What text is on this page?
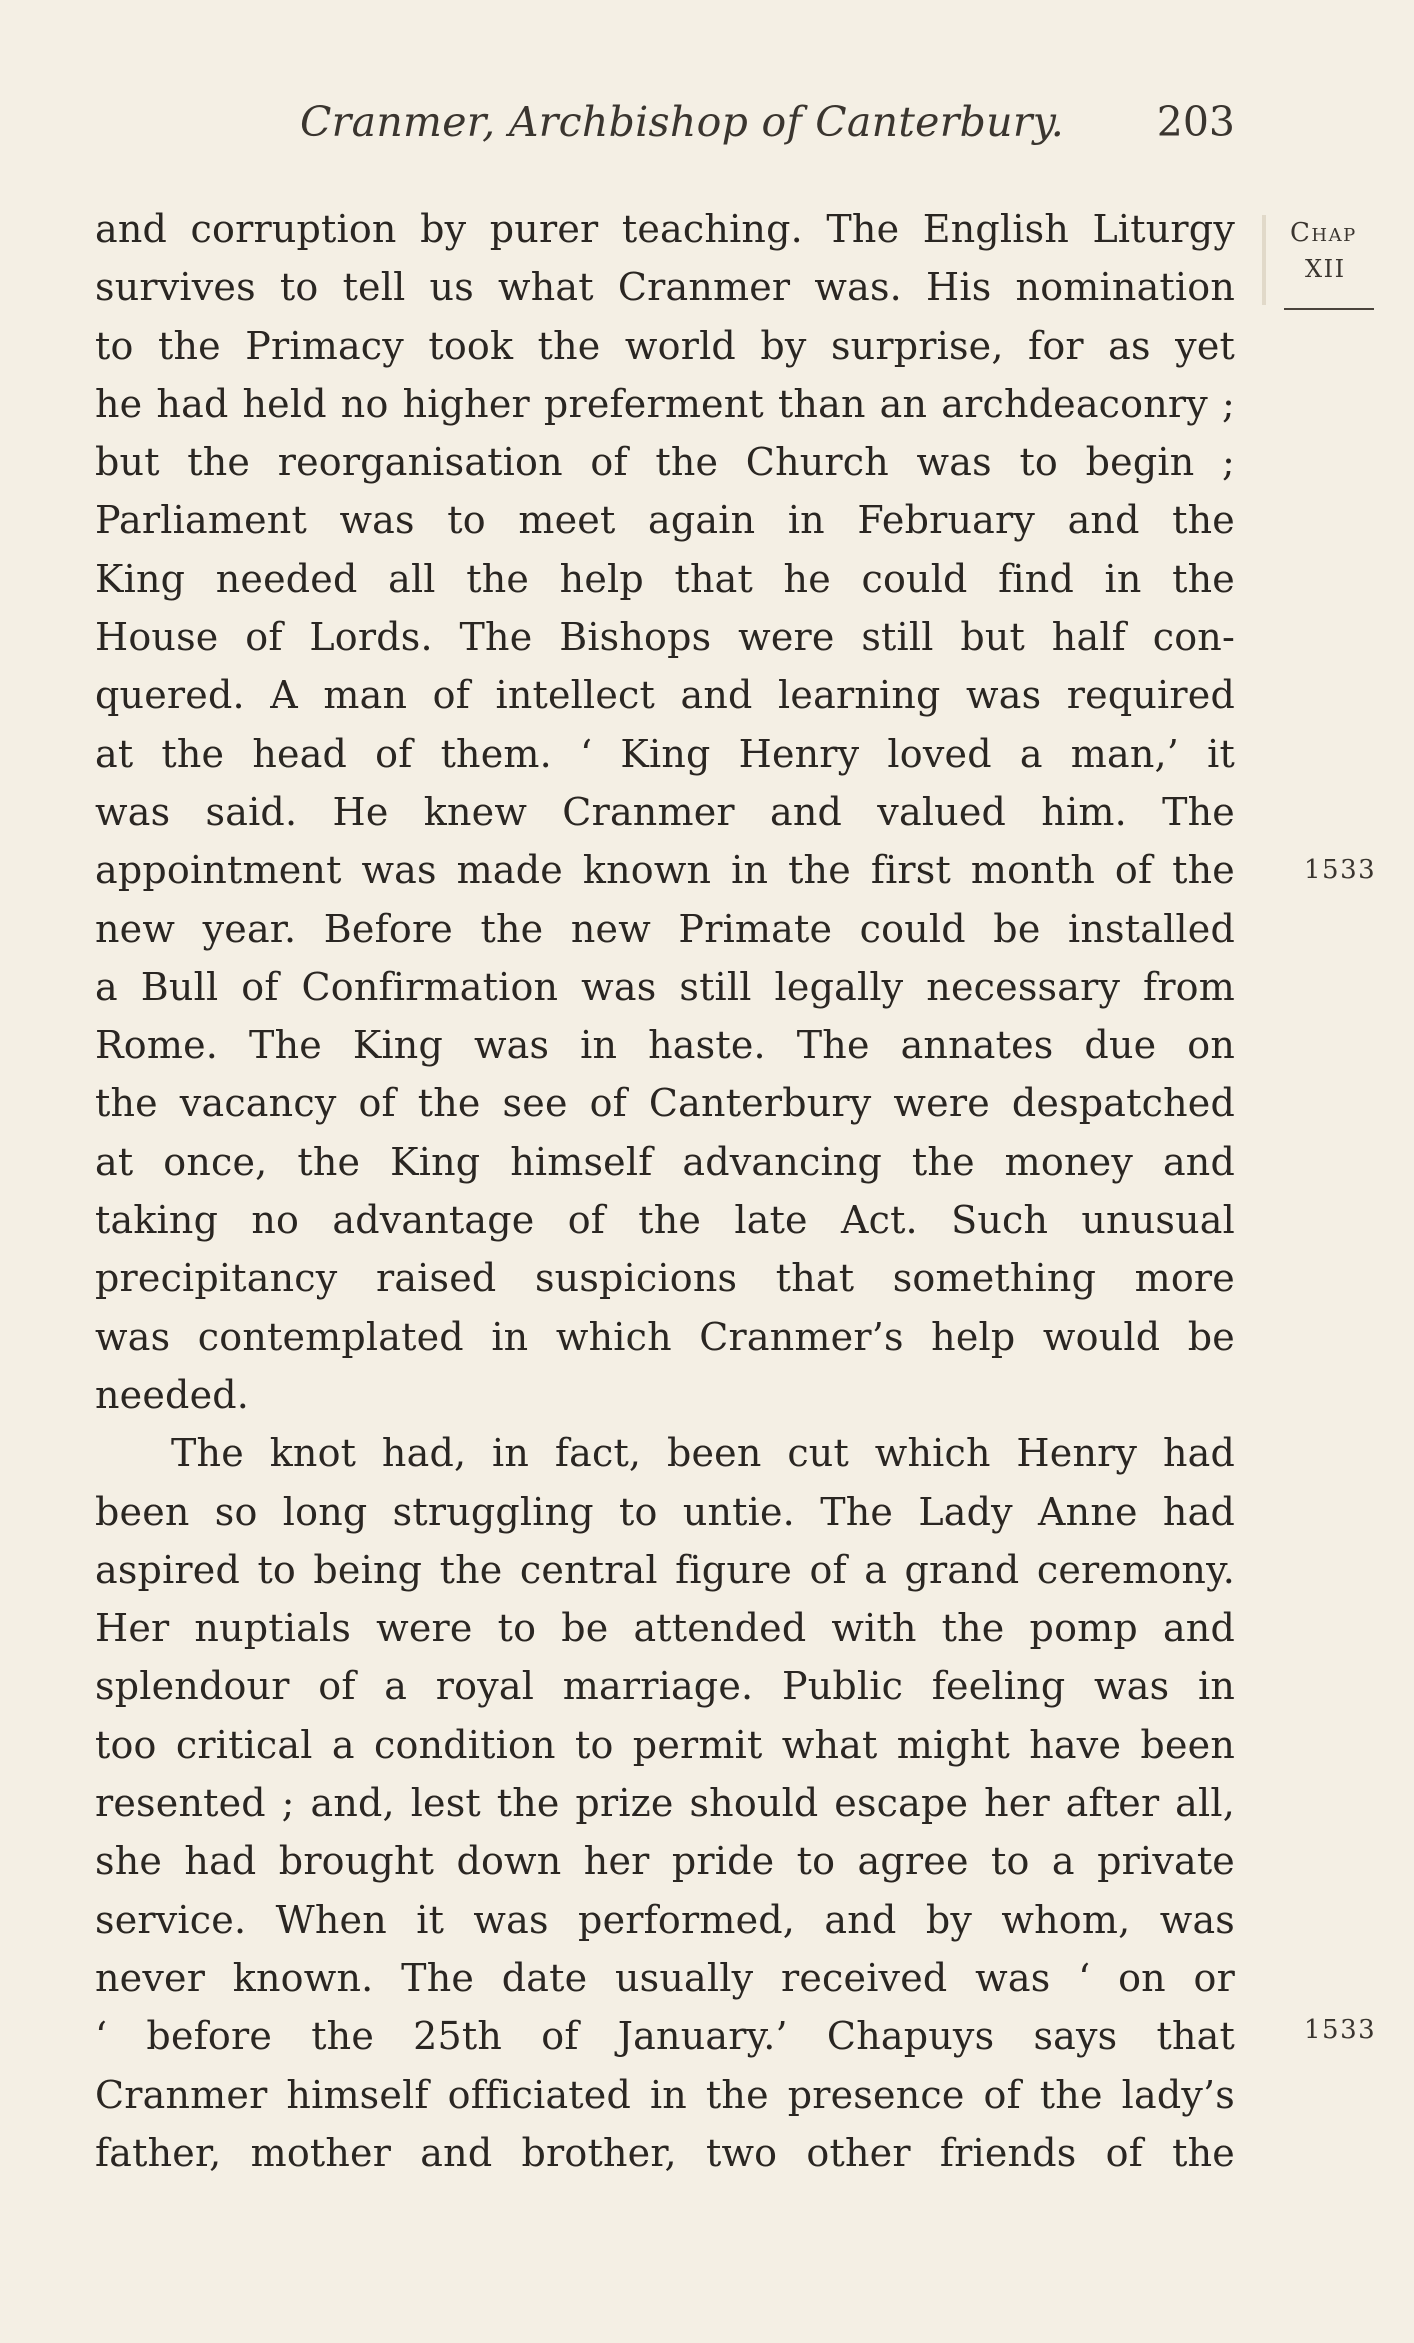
Cranmer, Archbishop of Canterbury. 203
Chap
XII
1533
1533
and corruption by purer teaching. The English Liturgy
survives to tell us what Cranmer was. His nomination
to the Primacy took the world by surprise, for as yet
he had held no higher preferment than an archdeaconry ;
but the reorganisation of the Church was to begin ;
Parliament was to meet again in February and the
King needed all the help that he could find in the
House of Lords. The Bishops were still but half con-
quered. A man of intellect and learning was required
at the head of them. ‘ King Henry loved a man,’ it
was said. He knew Cranmer and valued him. The
appointment was made known in the first month of the
new year. Before the new Primate could be installed
a Bull of Confirmation was still legally necessary from
Rome. The King was in haste. The annates due on
the vacancy of the see of Canterbury were despatched
at once, the King himself advancing the money and
taking no advantage of the late Act. Such unusual
precipitancy raised suspicions that something more
was contemplated in which Cranmer’s help would be
needed.
The knot had, in fact, been cut which Henry had
been so long struggling to untie. The Lady Anne had
aspired to being the central figure of a grand ceremony.
Her nuptials were to be attended with the pomp and
splendour of a royal marriage. Public feeling was in
too critical a condition to permit what might have been
resented ; and, lest the prize should escape her after all,
she had brought down her pride to agree to a private
service. When it was performed, and by whom, was
never known. The date usually received was ‘ on or
‘ before the 25th of January.’ Chapuys says that
Cranmer himself officiated in the presence of the lady’s
father, mother and brother, two other friends of the
